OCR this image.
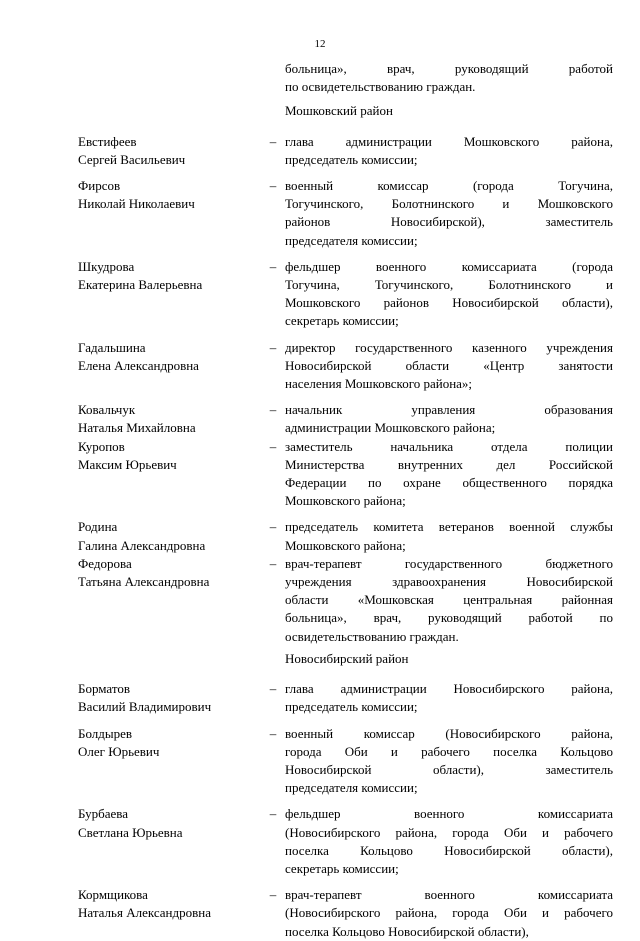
12
больница», врач, руководящий работой
по освидетельствованию граждан.
Мошковский район
Евстифеев
Сергей Васильевич
– глава администрации Мошковского района,
председатель комиссии;
Фирсов
Николай Николаевич
– военный комиссар (города Тогучина,
Тогучинского, Болотнинского и Мошковского
районов Новосибирской), заместитель
председателя комиссии;
Шкудрова
Екатерина Валерьевна
– фельдшер военного комиссариата (города
Тогучина, Тогучинского, Болотнинского и
Мошковского районов Новосибирской области),
секретарь комиссии;
Гадальшина
Елена Александровна
– директор государственного казенного учреждения
Новосибирской области «Центр занятости
населения Мошковского района»;
Ковальчук
Наталья Михайловна
– начальник управления образования
администрации Мошковского района;
Куропов
Максим Юрьевич
– заместитель начальника отдела полиции
Министерства внутренних дел Российской
Федерации по охране общественного порядка
Мошковского района;
Родина
Галина Александровна
– председатель комитета ветеранов военной службы
Мошковского района;
Федорова
Татьяна Александровна
– врач-терапевт государственного бюджетного
учреждения здравоохранения Новосибирской
области «Мошковская центральная районная
больница», врач, руководящий работой по
освидетельствованию граждан.
Новосибирский район
Борматов
Василий Владимирович
– глава администрации Новосибирского района,
председатель комиссии;
Болдырев
Олег Юрьевич
– военный комиссар (Новосибирского района,
города Оби и рабочего поселка Кольцово
Новосибирской области), заместитель
председателя комиссии;
Бурбаева
Светлана Юрьевна
– фельдшер военного комиссариата
(Новосибирского района, города Оби и рабочего
поселка Кольцово Новосибирской области),
секретарь комиссии;
Кормщикова
Наталья Александровна
– врач-терапевт военного комиссариата
(Новосибирского района, города Оби и рабочего
поселка Кольцово Новосибирской области),
